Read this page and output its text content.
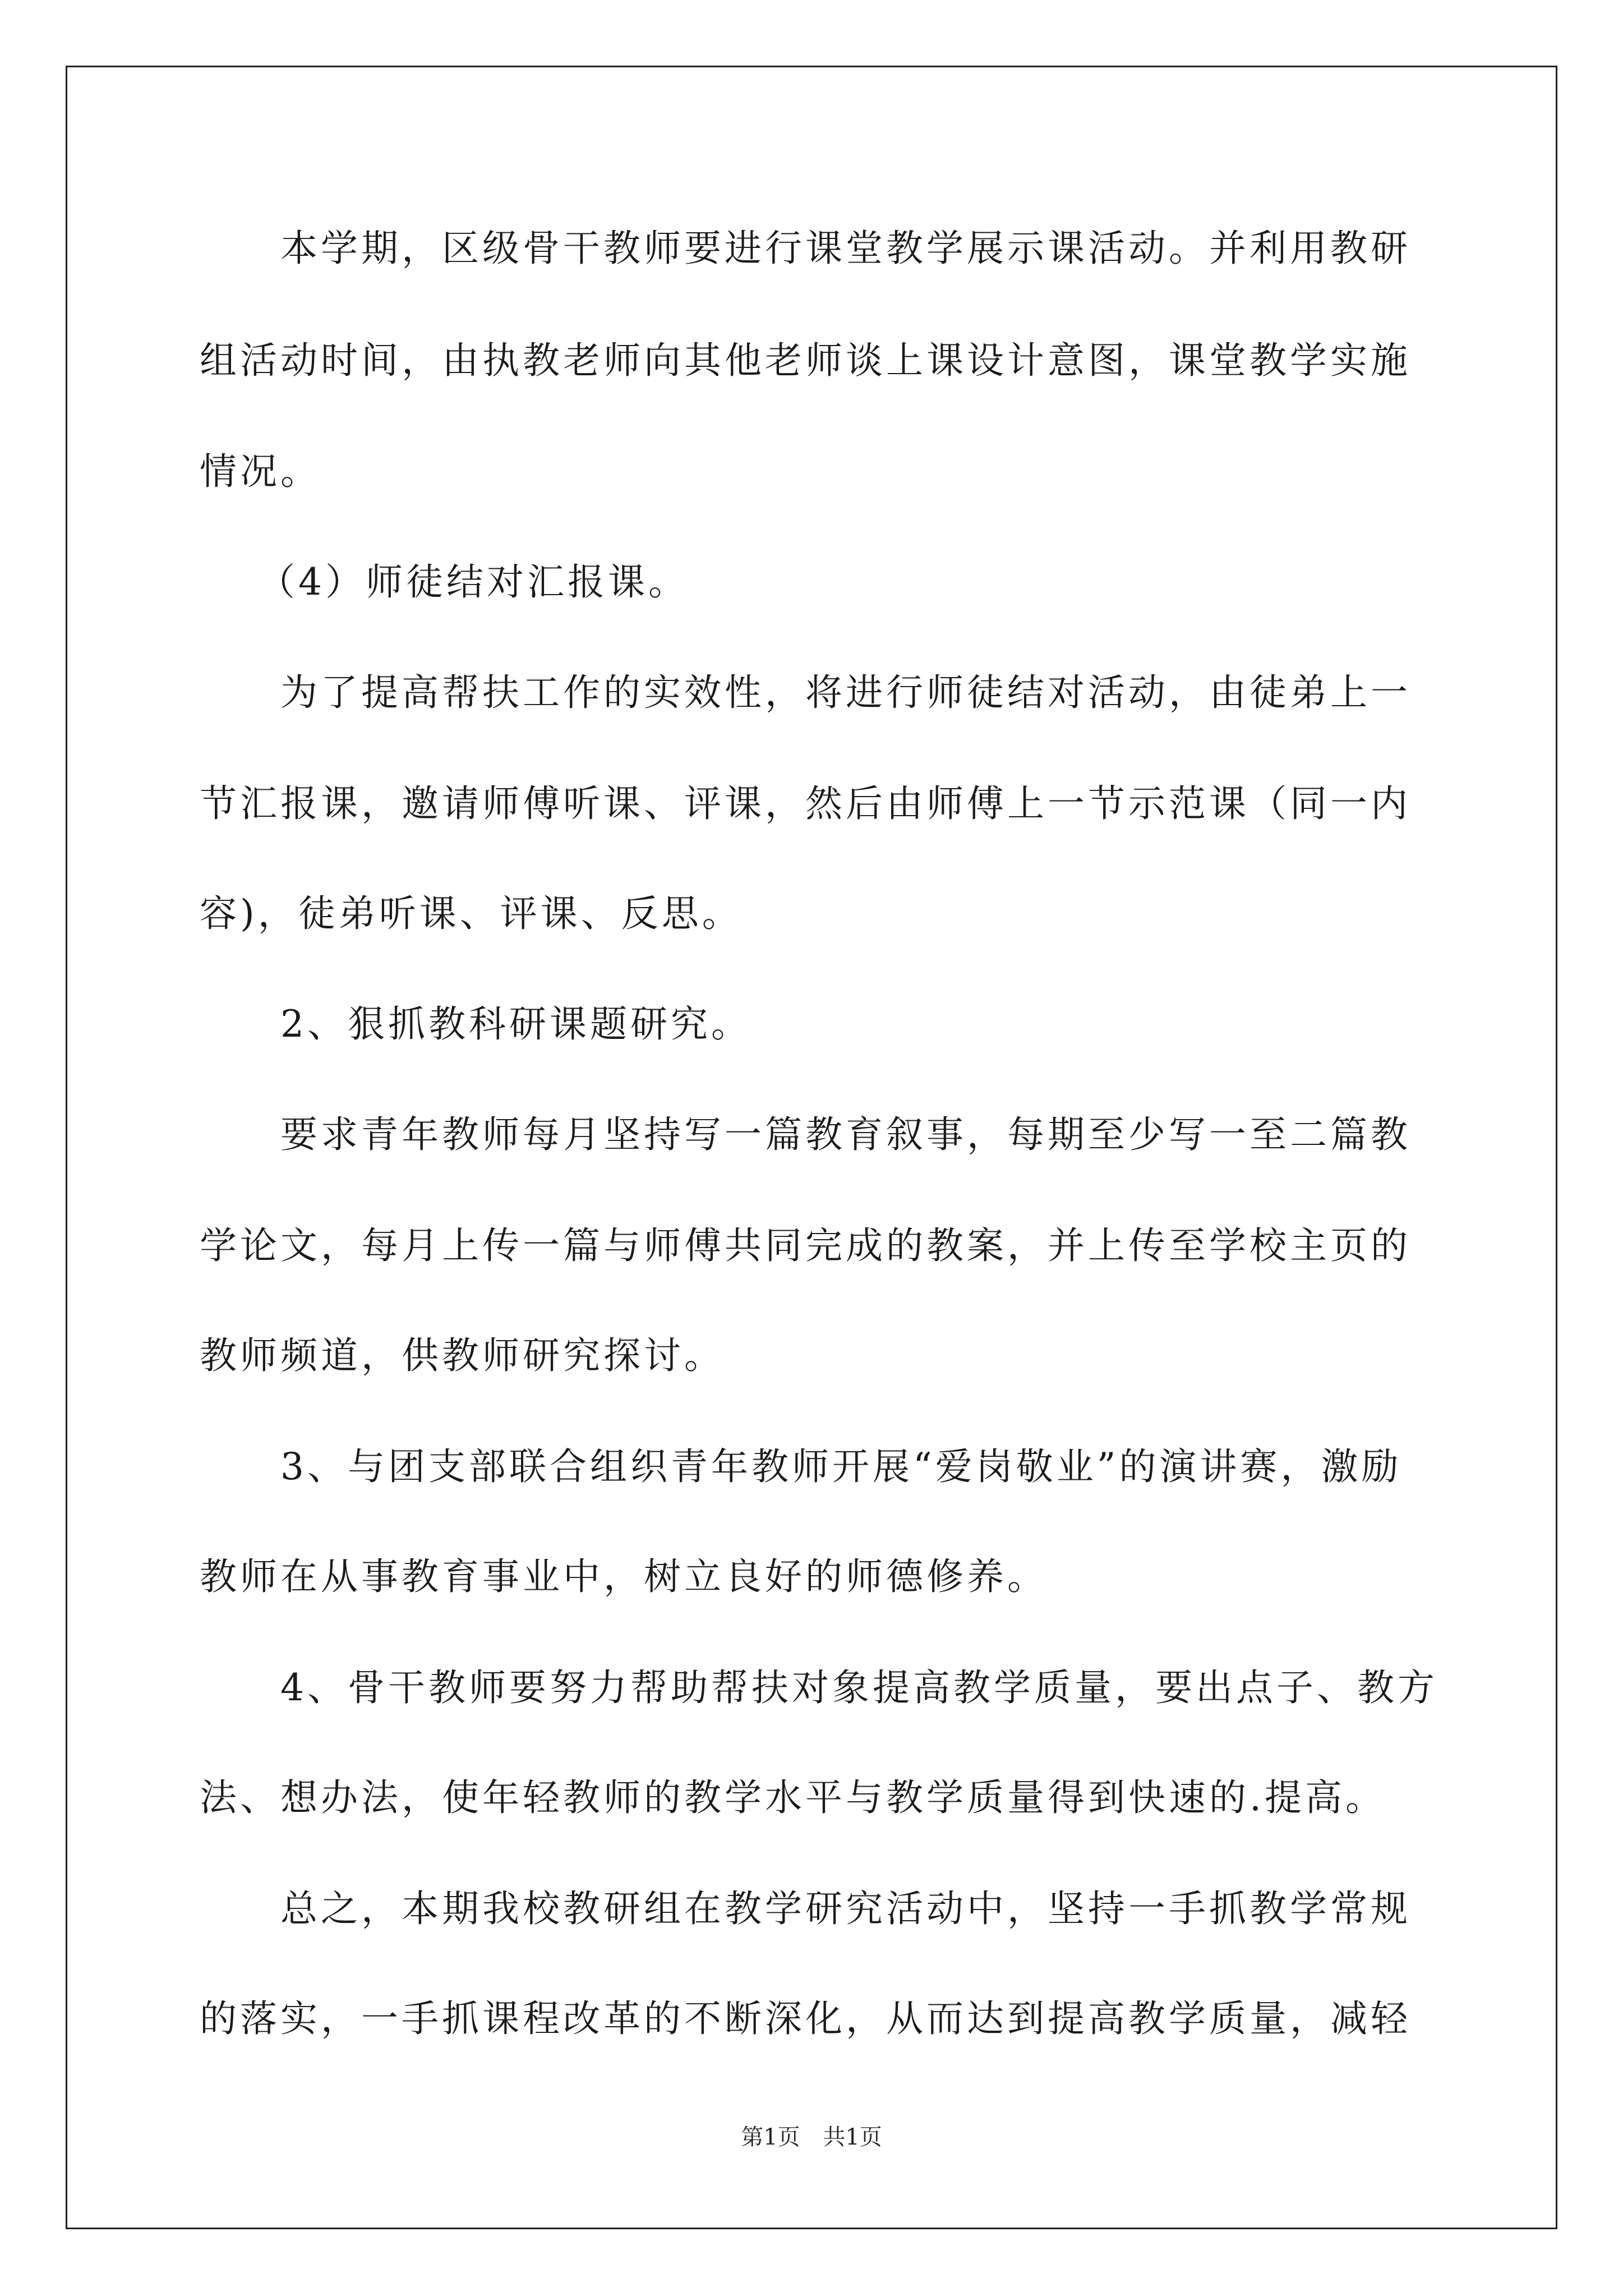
本学期，区级骨干教师要进行课堂教学展示课活动。并利用教研

组活动时间，由执教老师向其他老师谈上课设计意图，课堂教学实施

情况。

（4）师徒结对汇报课。

为了提高帮扶工作的实效性，将进行师徒结对活动，由徒弟上一

节汇报课，邀请师傅听课、评课，然后由师傅上一节示范课（同一内

容)，徒弟听课、评课、反思。

2、狠抓教科研课题研究。

要求青年教师每月坚持写一篇教育叙事，每期至少写一至二篇教

学论文，每月上传一篇与师傅共同完成的教案，并上传至学校主页的

教师频道，供教师研究探讨。

3、与团支部联合组织青年教师开展“爱岗敬业”的演讲赛，激励

教师在从事教育事业中，树立良好的师德修养。

4、骨干教师要努力帮助帮扶对象提高教学质量，要出点子、教方

法、想办法，使年轻教师的教学水平与教学质量得到快速的.提高。

总之，本期我校教研组在教学研究活动中，坚持一手抓教学常规

的落实，一手抓课程改革的不断深化，从而达到提高教学质量，减轻

第1页 共1页
